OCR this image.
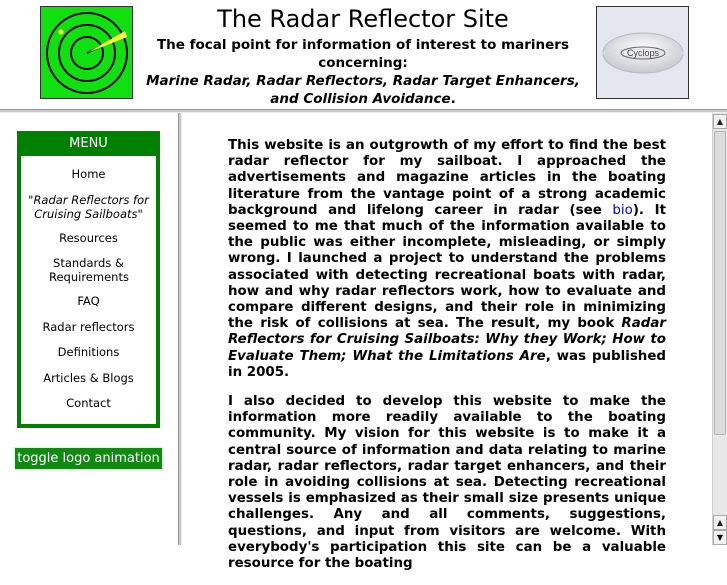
The Radar Reflector Site
The focal point for information of interest to mariners concerning:
Marine Radar, Radar Reflectors, Radar Target Enhancers, and Collision Avoidance.
Cyclops
MENU
Home
"Radar Reflectors for Cruising Sailboats"
Resources
Standards & Requirements
FAQ
Radar reflectors
Definitions
Articles & Blogs
Contact
toggle logo animation

This website is an outgrowth of my effort to find the best radar reflector for my sailboat. I approached the advertisements and magazine articles in the boating literature from the vantage point of a strong academic background and lifelong career in radar (see bio). It seemed to me that much of the information available to the public was either incomplete, misleading, or simply wrong. I launched a project to understand the problems associated with detecting recreational boats with radar, how and why radar reflectors work, how to evaluate and compare different designs, and their role in minimizing the risk of collisions at sea. The result, my book Radar Reflectors for Cruising Sailboats: Why they Work; How to Evaluate Them; What the Limitations Are, was published in 2005.

I also decided to develop this website to make the information more readily available to the boating community. My vision for this website is to make it a central source of information and data relating to marine radar, radar reflectors, radar target enhancers, and their role in avoiding collisions at sea. Detecting recreational vessels is emphasized as their small size presents unique challenges. Any and all comments, suggestions, questions, and input from visitors are welcome. With everybody's participation this site can be a valuable resource for the boating

▲
▲
▼
